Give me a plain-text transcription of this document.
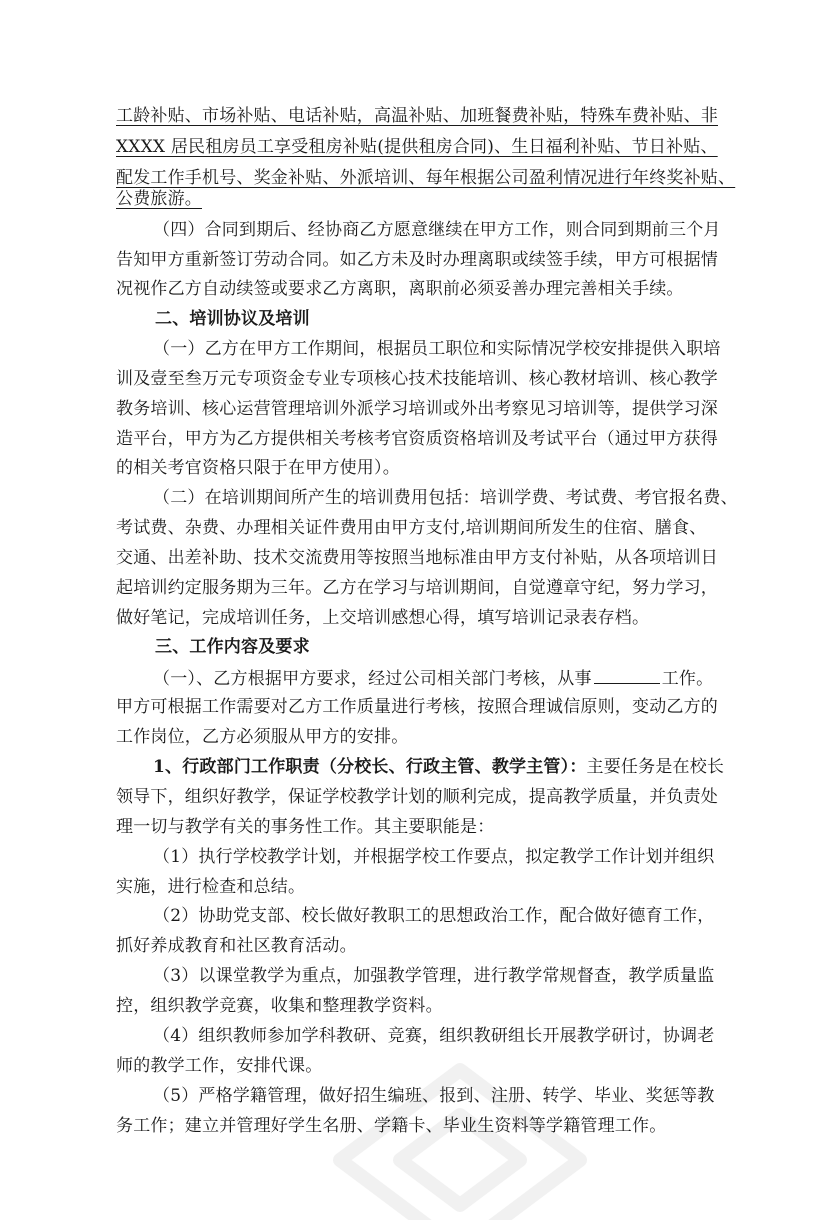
工龄补贴、市场补贴、电话补贴，高温补贴、加班餐费补贴，特殊车费补贴、非
XXXX 居民租房员工享受租房补贴(提供租房合同)、生日福利补贴、节日补贴、
配发工作手机号、奖金补贴、外派培训、每年根据公司盈利情况进行年终奖补贴、
公费旅游。
（四）合同到期后、经协商乙方愿意继续在甲方工作，则合同到期前三个月
告知甲方重新签订劳动合同。如乙方未及时办理离职或续签手续，甲方可根据情
况视作乙方自动续签或要求乙方离职，离职前必须妥善办理完善相关手续。
二、培训协议及培训
（一）乙方在甲方工作期间，根据员工职位和实际情况学校安排提供入职培
训及壹至叁万元专项资金专业专项核心技术技能培训、核心教材培训、核心教学
教务培训、核心运营管理培训外派学习培训或外出考察见习培训等，提供学习深
造平台，甲方为乙方提供相关考核考官资质资格培训及考试平台（通过甲方获得
的相关考官资格只限于在甲方使用）。
（二）在培训期间所产生的培训费用包括：培训学费、考试费、考官报名费、
考试费、杂费、办理相关证件费用由甲方支付,培训期间所发生的住宿、膳食、
交通、出差补助、技术交流费用等按照当地标准由甲方支付补贴，从各项培训日
起培训约定服务期为三年。乙方在学习与培训期间，自觉遵章守纪，努力学习，
做好笔记，完成培训任务，上交培训感想心得，填写培训记录表存档。
三、工作内容及要求
（一）、乙方根据甲方要求，经过公司相关部门考核，从事	工作。
甲方可根据工作需要对乙方工作质量进行考核，按照合理诚信原则，变动乙方的
工作岗位，乙方必须服从甲方的安排。
1、行政部门工作职责（分校长、行政主管、教学主管）：主要任务是在校长
领导下，组织好教学，保证学校教学计划的顺利完成，提高教学质量，并负责处
理一切与教学有关的事务性工作。其主要职能是：
（1）执行学校教学计划，并根据学校工作要点，拟定教学工作计划并组织
实施，进行检查和总结。
（2）协助党支部、校长做好教职工的思想政治工作，配合做好德育工作，
抓好养成教育和社区教育活动。
（3）以课堂教学为重点，加强教学管理，进行教学常规督查，教学质量监
控，组织教学竞赛，收集和整理教学资料。
（4）组织教师参加学科教研、竞赛，组织教研组长开展教学研讨，协调老
师的教学工作，安排代课。
（5）严格学籍管理，做好招生编班、报到、注册、转学、毕业、奖惩等教
务工作；建立并管理好学生名册、学籍卡、毕业生资料等学籍管理工作。
